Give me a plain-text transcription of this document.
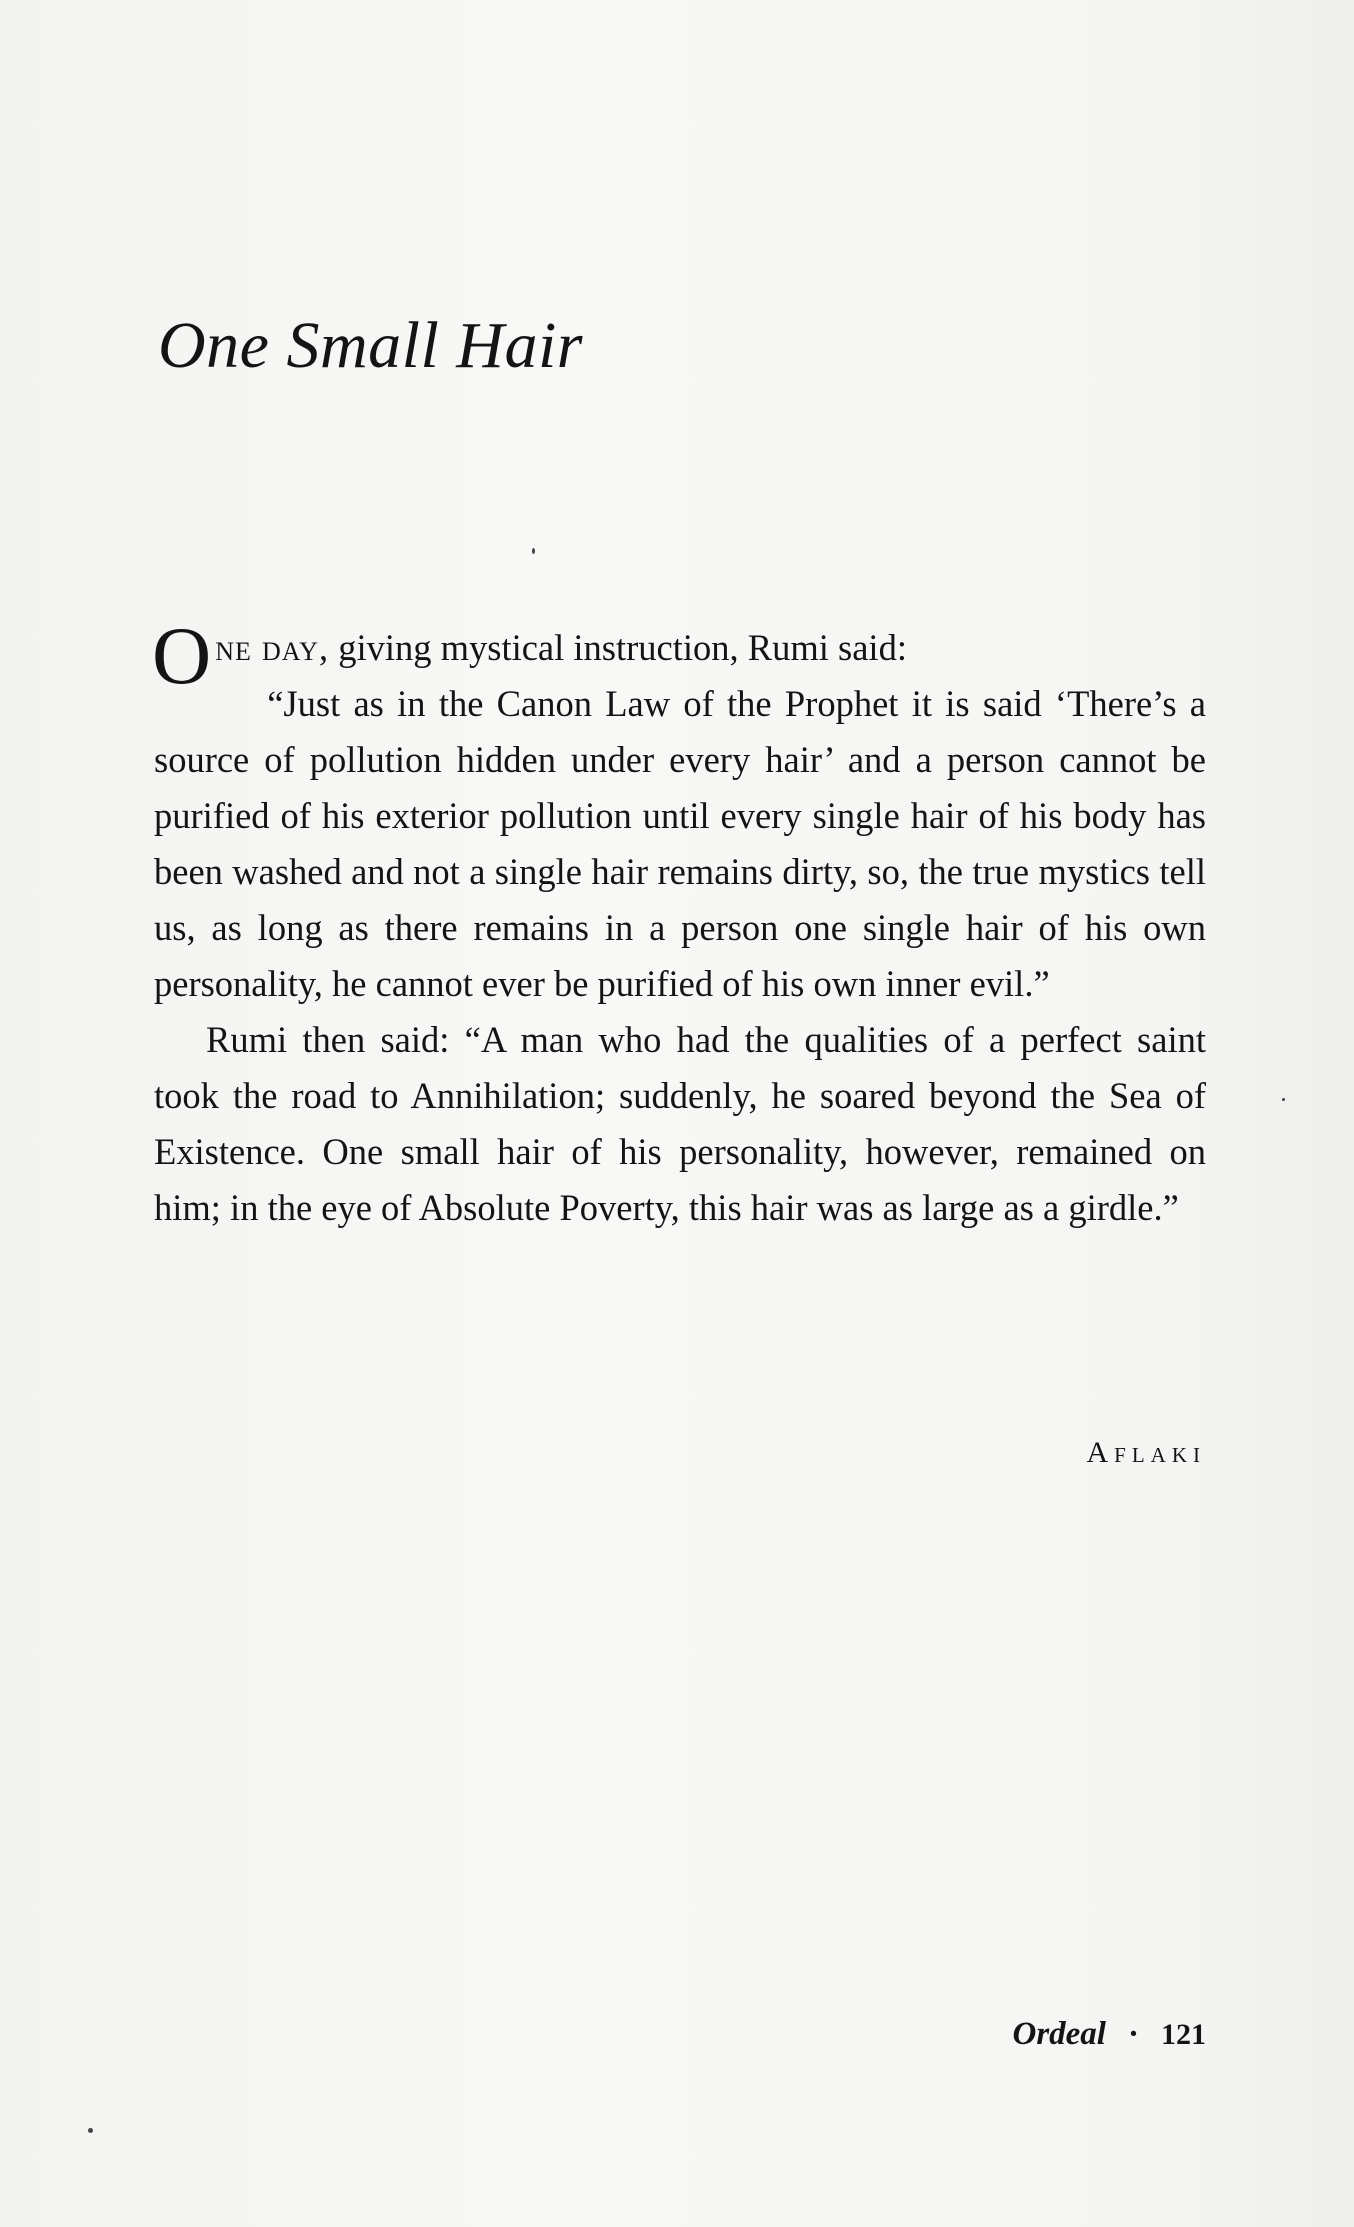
One Small Hair

One day, giving mystical instruction, Rumi said:

“Just as in the Canon Law of the Prophet it is said ‘There’s a source of pollution hidden under every hair’ and a person cannot be purified of his exterior pollution until every single hair of his body has been washed and not a single hair remains dirty, so, the true mystics tell us, as long as there remains in a person one single hair of his own personality, he cannot ever be purified of his own inner evil.”

Rumi then said: “A man who had the qualities of a perfect saint took the road to Annihilation; suddenly, he soared beyond the Sea of Existence. One small hair of his personality, however, remained on him; in the eye of Absolute Poverty, this hair was as large as a girdle.”

Aflaki
Ordeal · 121
